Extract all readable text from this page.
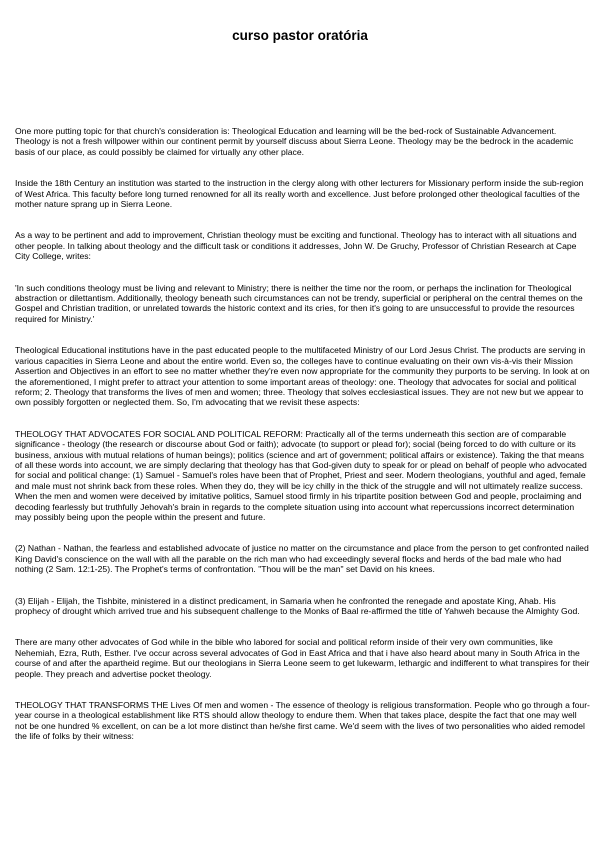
curso pastor oratória

One more putting topic for that church's consideration is: Theological Education and learning will be the bed-rock of Sustainable Advancement. Theology is not a fresh willpower within our continent permit by yourself discuss about Sierra Leone. Theology may be the bedrock in the academic basis of our place, as could possibly be claimed for virtually any other place.

Inside the 18th Century an institution was started to the instruction in the clergy along with other lecturers for Missionary perform inside the sub-region of West Africa. This faculty before long turned renowned for all its really worth and excellence. Just before prolonged other theological faculties of the mother nature sprang up in Sierra Leone.

As a way to be pertinent and add to improvement, Christian theology must be exciting and functional. Theology has to interact with all situations and other people. In talking about theology and the difficult task or conditions it addresses, John W. De Gruchy, Professor of Christian Research at Cape City College, writes:

'In such conditions theology must be living and relevant to Ministry; there is neither the time nor the room, or perhaps the inclination for Theological abstraction or dilettantism. Additionally, theology beneath such circumstances can not be trendy, superficial or peripheral on the central themes on the Gospel and Christian tradition, or unrelated towards the historic context and its cries, for then it's going to are unsuccessful to provide the resources required for Ministry.'

Theological Educational institutions have in the past educated people to the multifaceted Ministry of our Lord Jesus Christ. The products are serving in various capacities in Sierra Leone and about the entire world. Even so, the colleges have to continue evaluating on their own vis-à-vis their Mission Assertion and Objectives in an effort to see no matter whether they're even now appropriate for the community they purports to be serving. In look at on the aforementioned, I might prefer to attract your attention to some important areas of theology: one. Theology that advocates for social and political reform; 2. Theology that transforms the lives of men and women; three. Theology that solves ecclesiastical issues. They are not new but we appear to own possibly forgotten or neglected them. So, I'm advocating that we revisit these aspects:

THEOLOGY THAT ADVOCATES FOR SOCIAL AND POLITICAL REFORM: Practically all of the terms underneath this section are of comparable significance - theology (the research or discourse about God or faith); advocate (to support or plead for); social (being forced to do with culture or its business, anxious with mutual relations of human beings); politics (science and art of government; political affairs or existence). Taking the that means of all these words into account, we are simply declaring that theology has that God-given duty to speak for or plead on behalf of people who advocated for social and political change: (1) Samuel - Samuel's roles have been that of Prophet, Priest and seer. Modern theologians, youthful and aged, female and male must not shrink back from these roles. When they do, they will be icy chilly in the thick of the struggle and will not ultimately realize success. When the men and women were deceived by imitative politics, Samuel stood firmly in his tripartite position between God and people, proclaiming and decoding fearlessly but truthfully Jehovah's brain in regards to the complete situation using into account what repercussions incorrect determination may possibly being upon the people within the present and future.

(2) Nathan - Nathan, the fearless and established advocate of justice no matter on the circumstance and place from the person to get confronted nailed King David's conscience on the wall with all the parable on the rich man who had exceedingly several flocks and herds of the bad male who had nothing (2 Sam. 12:1-25). The Prophet's terms of confrontation. "Thou will be the man" set David on his knees.

(3) Elijah - Elijah, the Tishbite, ministered in a distinct predicament, in Samaria when he confronted the renegade and apostate King, Ahab. His prophecy of drought which arrived true and his subsequent challenge to the Monks of Baal re-affirmed the title of Yahweh because the Almighty God.

There are many other advocates of God while in the bible who labored for social and political reform inside of their very own communities, like Nehemiah, Ezra, Ruth, Esther. I've occur across several advocates of God in East Africa and that i have also heard about many in South Africa in the course of and after the apartheid regime. But our theologians in Sierra Leone seem to get lukewarm, lethargic and indifferent to what transpires for their people. They preach and advertise pocket theology.

THEOLOGY THAT TRANSFORMS THE Lives Of men and women - The essence of theology is religious transformation. People who go through a four-year course in a theological establishment like RTS should allow theology to endure them. When that takes place, despite the fact that one may well not be one hundred % excellent, on can be a lot more distinct than he/she first came. We'd seem with the lives of two personalities who aided remodel the life of folks by their witness:
